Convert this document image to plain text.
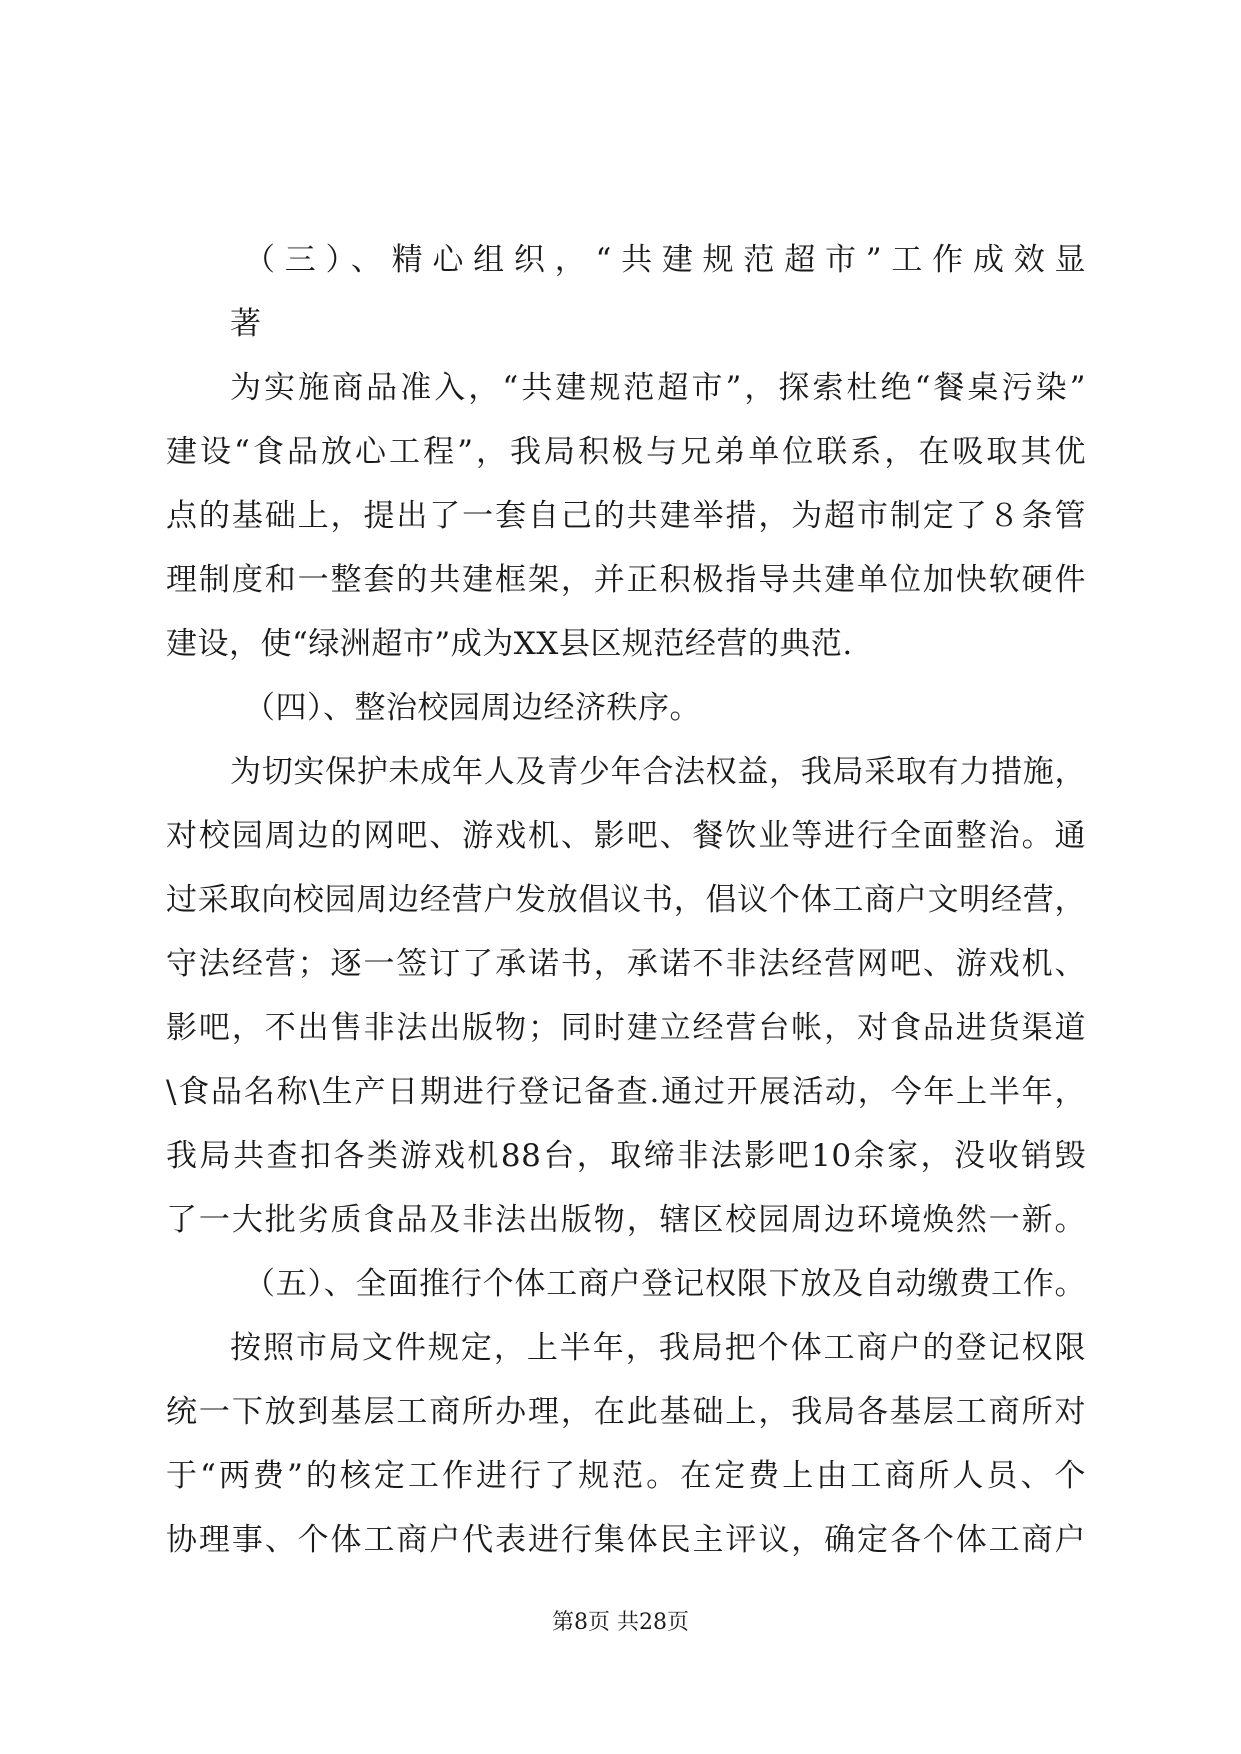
（三）、精心组织，“共建规范超市”工作成效显
著
为实施商品准入，“共建规范超市”，探索杜绝“餐桌污染”
建设“食品放心工程”，我局积极与兄弟单位联系，在吸取其优
点的基础上，提出了一套自己的共建举措，为超市制定了８条管
理制度和一整套的共建框架，并正积极指导共建单位加快软硬件
建设，使“绿洲超市”成为XX县区规范经营的典范.
（四）、整治校园周边经济秩序。
为切实保护未成年人及青少年合法权益，我局采取有力措施，
对校园周边的网吧、游戏机、影吧、餐饮业等进行全面整治。通
过采取向校园周边经营户发放倡议书，倡议个体工商户文明经营，
守法经营；逐一签订了承诺书，承诺不非法经营网吧、游戏机、
影吧，不出售非法出版物；同时建立经营台帐，对食品进货渠道
\食品名称\生产日期进行登记备查.通过开展活动，今年上半年，
我局共查扣各类游戏机88台，取缔非法影吧10余家，没收销毁
了一大批劣质食品及非法出版物，辖区校园周边环境焕然一新。
（五）、全面推行个体工商户登记权限下放及自动缴费工作。
按照市局文件规定，上半年，我局把个体工商户的登记权限
统一下放到基层工商所办理，在此基础上，我局各基层工商所对
于“两费”的核定工作进行了规范。在定费上由工商所人员、个
协理事、个体工商户代表进行集体民主评议，确定各个体工商户
第8页 共28页
